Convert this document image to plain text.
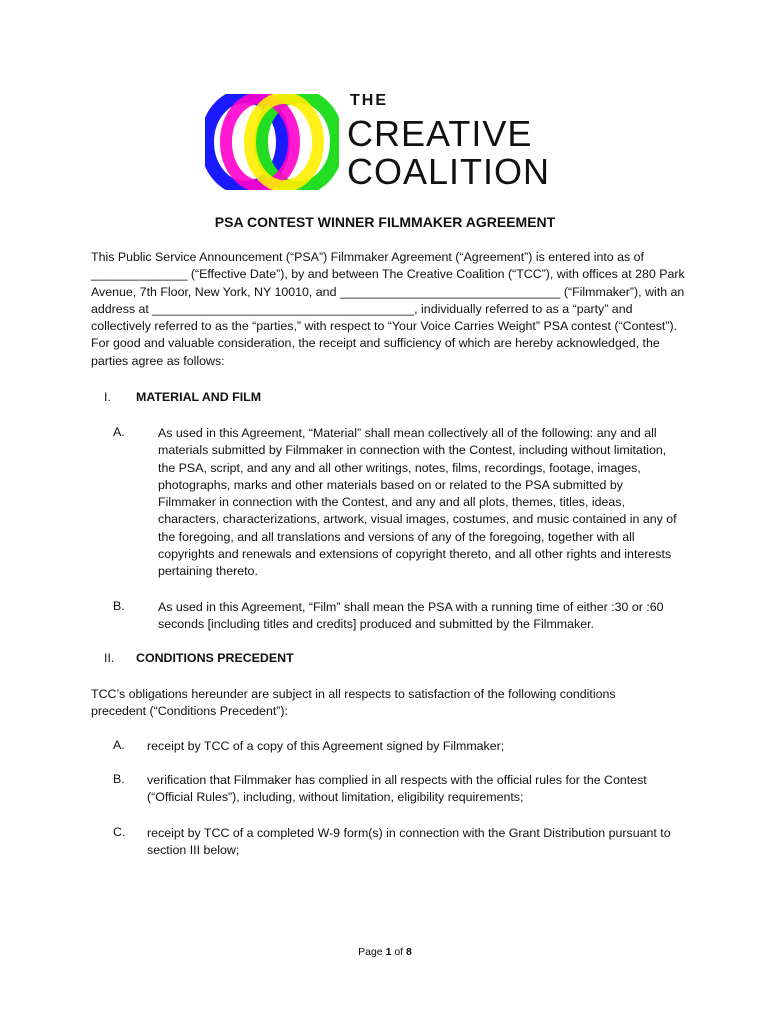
THE
CREATIVE
COALITION
PSA CONTEST WINNER FILMMAKER AGREEMENT

This Public Service Announcement (“PSA”) Filmmaker Agreement (“Agreement”) is entered into as of ______________ (“Effective Date”), by and between The Creative Coalition (“TCC”), with offices at 280 Park Avenue, 7th Floor, New York, NY 10010, and ________________________________ (“Filmmaker”), with an address at ______________________________________, individually referred to as a “party” and collectively referred to as the “parties,” with respect to “Your Voice Carries Weight” PSA contest (“Contest”). For good and valuable consideration, the receipt and sufficiency of which are hereby acknowledged, the parties agree as follows:

I. MATERIAL AND FILM
A.	As used in this Agreement, “Material” shall mean collectively all of the following: any and all materials submitted by Filmmaker in connection with the Contest, including without limitation, the PSA, script, and any and all other writings, notes, films, recordings, footage, images, photographs, marks and other materials based on or related to the PSA submitted by Filmmaker in connection with the Contest, and any and all plots, themes, titles, ideas, characters, characterizations, artwork, visual images, costumes, and music contained in any of the foregoing, and all translations and versions of any of the foregoing, together with all copyrights and renewals and extensions of copyright thereto, and all other rights and interests pertaining thereto.

B.	As used in this Agreement, “Film” shall mean the PSA with a running time of either :30 or :60 seconds [including titles and credits] produced and submitted by the Filmmaker.

II. CONDITIONS PRECEDENT

TCC’s obligations hereunder are subject in all respects to satisfaction of the following conditions precedent (“Conditions Precedent”):

A. receipt by TCC of a copy of this Agreement signed by Filmmaker;

B. verification that Filmmaker has complied in all respects with the official rules for the Contest (“Official Rules”), including, without limitation, eligibility requirements;

C. receipt by TCC of a completed W-9 form(s) in connection with the Grant Distribution pursuant to section III below;

Page 1 of 8
